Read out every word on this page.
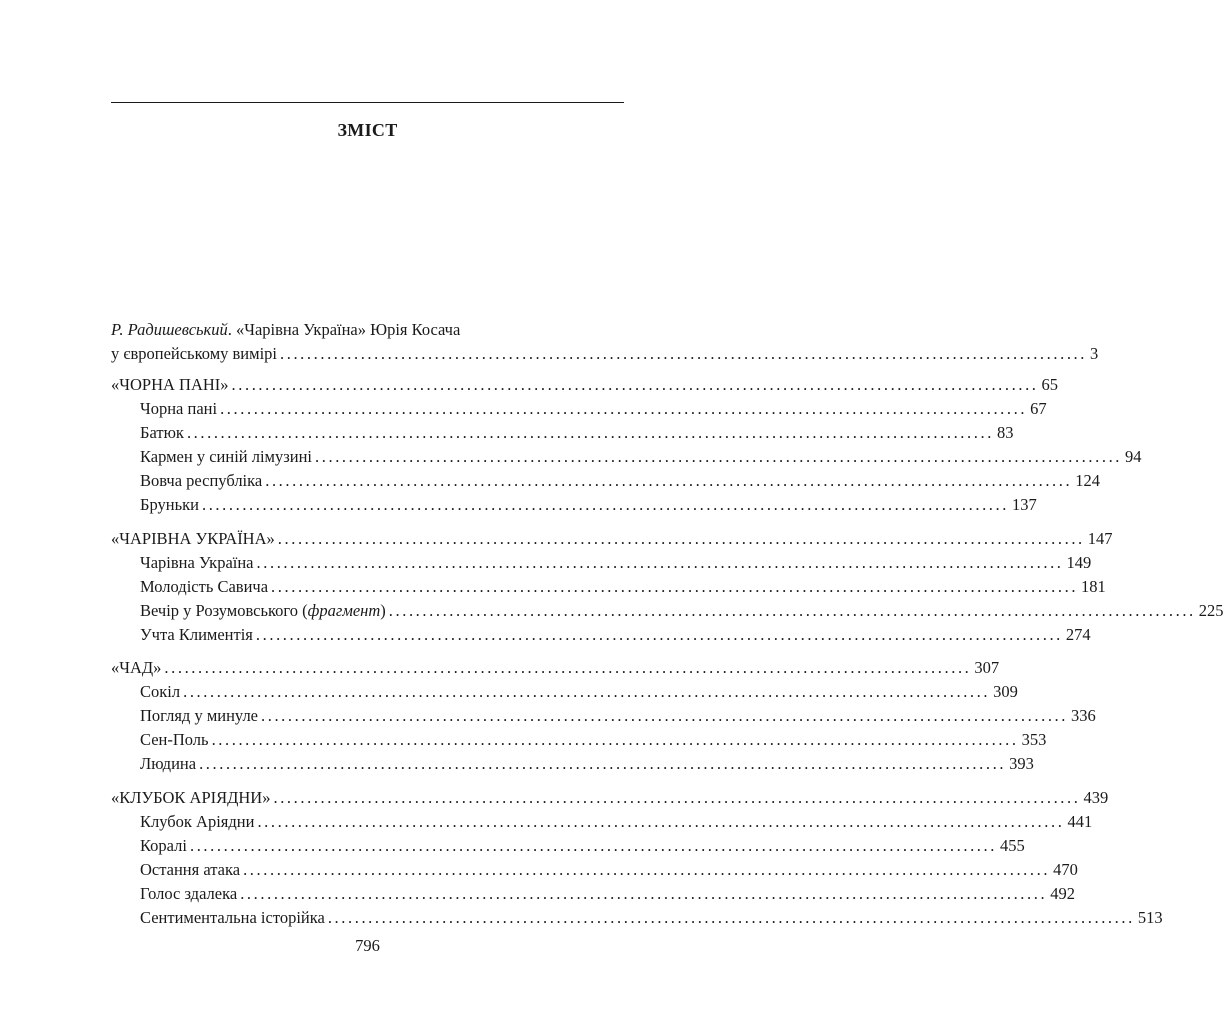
ЗМІСТ
Р. Радишевський. «Чарівна Україна» Юрія Косача
у європейському вимірі ........................................................................................................................ 3
«ЧОРНА ПАНІ» ........................................................................................................................ 65
Чорна пані ........................................................................................................................ 67
Батюк ........................................................................................................................ 83
Кармен у синій лімузині ........................................................................................................................ 94
Вовча республіка ........................................................................................................................ 124
Бруньки ........................................................................................................................ 137
«ЧАРІВНА УКРАЇНА» ........................................................................................................................ 147
Чарівна Україна ........................................................................................................................ 149
Молодість Савича ........................................................................................................................ 181
Вечір у Розумовського (фрагмент) ........................................................................................................................ 225
Учта Климентія ........................................................................................................................ 274
«ЧАД» ........................................................................................................................ 307
Сокіл ........................................................................................................................ 309
Погляд у минуле ........................................................................................................................ 336
Сен-Поль ........................................................................................................................ 353
Людина ........................................................................................................................ 393
«КЛУБОК АРІЯДНИ» ........................................................................................................................ 439
Клубок Аріядни ........................................................................................................................ 441
Коралі ........................................................................................................................ 455
Остання атака ........................................................................................................................ 470
Голос здалека ........................................................................................................................ 492
Сентиментальна історійка ........................................................................................................................ 513
796
